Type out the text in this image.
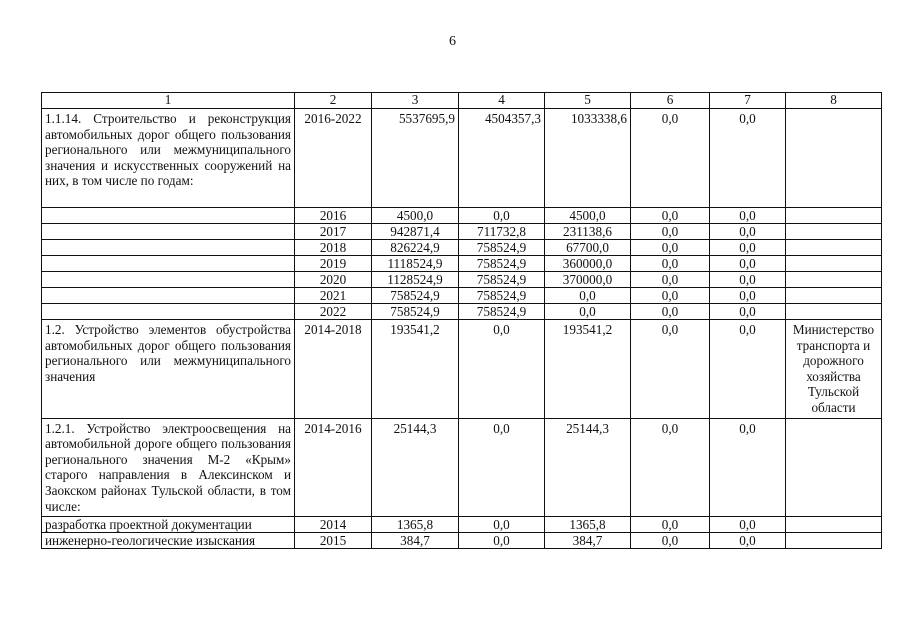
6
1	2	3	4	5	6	7	8
1.1.14. Строительство и реконструкция автомобильных дорог общего пользования регионального или межмуниципального значения и искусственных сооружений на них, в том числе по годам:	2016-2022	5537695,9	4504357,3	1033338,6	0,0	0,0	
	2016	4500,0	0,0	4500,0	0,0	0,0	
	2017	942871,4	711732,8	231138,6	0,0	0,0	
	2018	826224,9	758524,9	67700,0	0,0	0,0	
	2019	1118524,9	758524,9	360000,0	0,0	0,0	
	2020	1128524,9	758524,9	370000,0	0,0	0,0	
	2021	758524,9	758524,9	0,0	0,0	0,0	
	2022	758524,9	758524,9	0,0	0,0	0,0	
1.2. Устройство элементов обустройства автомобильных дорог общего пользования регионального или межмуниципального значения	2014-2018	193541,2	0,0	193541,2	0,0	0,0	Министерство транспорта и дорожного хозяйства Тульской области
1.2.1. Устройство электроосвещения на автомобильной дороге общего пользования регионального значения М-2 «Крым» старого направления в Алексинском и Заокском районах Тульской области, в том числе:	2014-2016	25144,3	0,0	25144,3	0,0	0,0	
разработка проектной документации	2014	1365,8	0,0	1365,8	0,0	0,0	
инженерно-геологические изыскания	2015	384,7	0,0	384,7	0,0	0,0	
